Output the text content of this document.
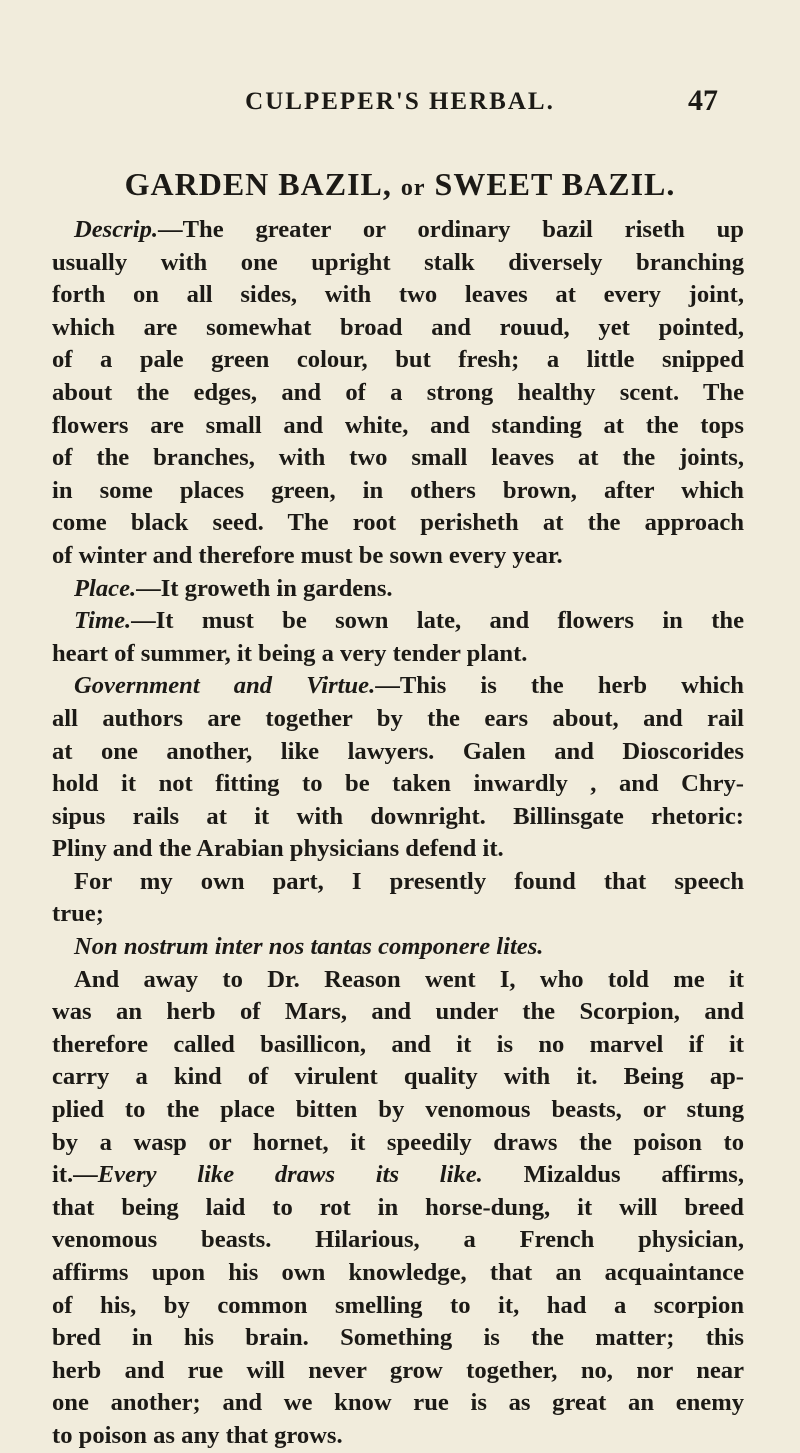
CULPEPER'S HERBAL.	47
GARDEN BAZIL, or SWEET BAZIL.
Descrip.—The greater or ordinary bazil riseth up
usually with one upright stalk diversely branching
forth on all sides, with two leaves at every joint,
which are somewhat broad and rouud, yet pointed,
of a pale green colour, but fresh; a little snipped
about the edges, and of a strong healthy scent. The
flowers are small and white, and standing at the tops
of the branches, with two small leaves at the joints,
in some places green, in others brown, after which
come black seed. The root perisheth at the approach
of winter and therefore must be sown every year.
Place.—It groweth in gardens.
Time.—It must be sown late, and flowers in the
heart of summer, it being a very tender plant.
Government and Virtue.—This is the herb which
all authors are together by the ears about, and rail
at one another, like lawyers. Galen and Dioscorides
hold it not fitting to be taken inwardly , and Chry-
sipus rails at it with downright. Billinsgate rhetoric:
Pliny and the Arabian physicians defend it.
For my own part, I presently found that speech
true;
Non nostrum inter nos tantas componere lites.
And away to Dr. Reason went I, who told me it
was an herb of Mars, and under the Scorpion, and
therefore called basillicon, and it is no marvel if it
carry a kind of virulent quality with it. Being ap-
plied to the place bitten by venomous beasts, or stung
by a wasp or hornet, it speedily draws the poison to
it.—Every like draws its like. Mizaldus affirms,
that being laid to rot in horse-dung, it will breed
venomous beasts. Hilarious, a French physician,
affirms upon his own knowledge, that an acquaintance
of his, by common smelling to it, had a scorpion
bred in his brain. Something is the matter; this
herb and rue will never grow together, no, nor near
one another; and we know rue is as great an enemy
to poison as any that grows.
